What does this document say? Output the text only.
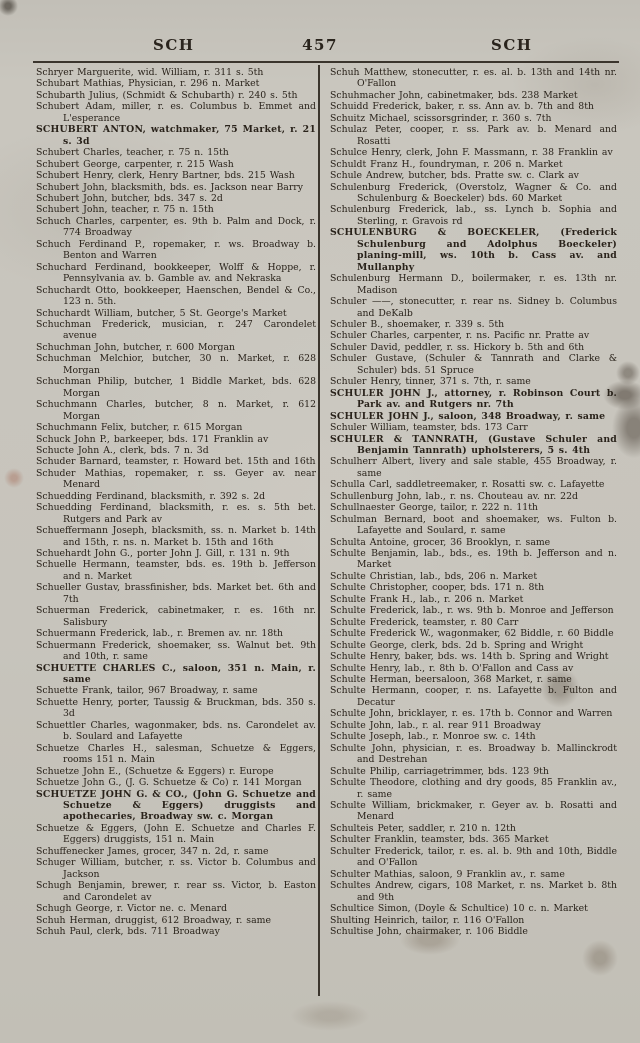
SCH	457	SCH

Schryer Marguerite, wid. William, r. 311 s. 5th

Schubart Mathias, Physician, r. 296 n. Market

Schubarth Julius, (Schmidt & Schubarth) r. 240 s. 5th

Schubert Adam, miller, r. es. Columbus b. Emmet and L'esperance

SCHUBERT ANTON, watchmaker, 75 Market, r. 21 s. 3d

Schubert Charles, teacher, r. 75 n. 15th

Schubert George, carpenter, r. 215 Wash

Schubert Henry, clerk, Henry Bartner, bds. 215 Wash

Schubert John, blacksmith, bds. es. Jackson near Barry

Schubert John, butcher, bds. 347 s. 2d

Schubert John, teacher, r. 75 n. 15th

Schuch Charles, carpenter, es. 9th b. Palm and Dock, r. 774 Broadway

Schuch Ferdinand P., ropemaker, r. ws. Broadway b. Benton and Warren

Schuchard Ferdinand, bookkeeper, Wolff & Hoppe, r. Pennsylvania av. b. Gamble av. and Nekraska

Schuchardt Otto, bookkeeper, Haenschen, Bendel & Co., 123 n. 5th.

Schuchardt William, butcher, 5 St. George's Market

Schuchman Frederick, musician, r. 247 Carondelet avenue

Schuchman John, butcher, r. 600 Morgan

Schuchman Melchior, butcher, 30 n. Market, r. 628 Morgan

Schuchman Philip, butcher, 1 Biddle Market, bds. 628 Morgan

Schuchmann Charles, butcher, 8 n. Market, r. 612 Morgan

Schuchmann Felix, butcher, r. 615 Morgan

Schuck John P., barkeeper, bds. 171 Franklin av

Schucte John A., clerk, bds. 7 n. 3d

Schuder Barnard, teamster, r. Howard bet. 15th and 16th

Schuder Mathias, ropemaker, r. ss. Geyer av. near Menard

Schuedding Ferdinand, blacksmith, r. 392 s. 2d

Schuedding Ferdinand, blacksmith, r. es. s. 5th bet. Rutgers and Park av

Schueffermann Joseph, blacksmith, ss. n. Market b. 14th and 15th, r. ns. n. Market b. 15th and 16th

Schuehardt John G., porter John J. Gill, r. 131 n. 9th

Schuelle Hermann, teamster, bds. es. 19th b. Jefferson and n. Market

Schueller Gustav, brassfinisher, bds. Market bet. 6th and 7th

Schuerman Frederick, cabinetmaker, r. es. 16th nr. Salisbury

Schuermann Frederick, lab., r. Bremen av. nr. 18th

Schuermann Frederick, shoemaker, ss. Walnut bet. 9th and 10th, r. same

SCHUETTE CHARLES C., saloon, 351 n. Main, r. same

Schuette Frank, tailor, 967 Broadway, r. same

Schuette Henry, porter, Taussig & Bruckman, bds. 350 s. 3d

Schuettler Charles, wagonmaker, bds. ns. Carondelet av. b. Soulard and Lafayette

Schuetze Charles H., salesman, Schuetze & Eggers, rooms 151 n. Main

Schuetze John E., (Schuetze & Eggers) r. Europe

Schuetze John G., (J. G. Schuetze & Co) r. 141 Morgan

SCHUETZE JOHN G. & CO., (John G. Schuetze and Schuetze & Eggers) druggists and apothecaries, Broadway sw. c. Morgan

Schuetze & Eggers, (John E. Schuetze and Charles F. Eggers) druggists, 151 n. Main

Schuffenecker James, grocer, 347 n. 2d, r. same

Schuger William, butcher, r. ss. Victor b. Columbus and Jackson

Schugh Benjamin, brewer, r. rear ss. Victor, b. Easton and Carondelet av

Schugh George, r. Victor ne. c. Menard

Schuh Herman, druggist, 612 Broadway, r. same

Schuh Paul, clerk, bds. 711 Broadway

Schuh Matthew, stonecutter, r. es. al. b. 13th and 14th nr. O'Fallon

Schuhmacher John, cabinetmaker, bds. 238 Market

Schuidd Frederick, baker, r. ss. Ann av. b. 7th and 8th

Schuitz Michael, scissorsgrinder, r. 360 s. 7th

Schulaz Peter, cooper, r. ss. Park av. b. Menard and Rosatti

Schulce Henry, clerk, John F. Massmann, r. 38 Franklin av

Schuldt Franz H., foundryman, r. 206 n. Market

Schule Andrew, butcher, bds. Pratte sw. c. Clark av

Schulenburg Frederick, (Overstolz, Wagner & Co. and Schulenburg & Boeckeler) bds. 60 Market

Schulenburg Frederick, lab., ss. Lynch b. Sophia and Sterling, r. Gravois rd

SCHULENBURG & BOECKELER, (Frederick Schulenburg and Adolphus Boeckeler) planing-mill, ws. 10th b. Cass av. and Mullanphy

Schulenburg Hermann D., boilermaker, r. es. 13th nr. Madison

Schuler ——, stonecutter, r. rear ns. Sidney b. Columbus and DeKalb

Schuler B., shoemaker, r. 339 s. 5th

Schuler Charles, carpenter, r. ns. Pacific nr. Pratte av

Schuler David, peddler, r. ss. Hickory b. 5th and 6th

Schuler Gustave, (Schuler & Tannrath and Clarke & Schuler) bds. 51 Spruce

Schuler Henry, tinner, 371 s. 7th, r. same

SCHULER JOHN J., attorney, r. Robinson Court b. Park av. and Rutgers nr. 7th

SCHULER JOHN J., saloon, 348 Broadway, r. same

Schuler William, teamster, bds. 173 Carr

SCHULER & TANNRATH, (Gustave Schuler and Benjamin Tannrath) upholsterers, 5 s. 4th

Schulherr Albert, livery and sale stable, 455 Broadway, r. same

Schulla Carl, saddletreemaker, r. Rosatti sw. c. Lafayette

Schullenburg John, lab., r. ns. Chouteau av. nr. 22d

Schullnaester George, tailor, r. 222 n. 11th

Schulman Bernard, boot and shoemaker, ws. Fulton b. Lafayette and Soulard, r. same

Schulta Antoine, grocer, 36 Brooklyn, r. same

Schulte Benjamin, lab., bds., es. 19th b. Jefferson and n. Market

Schulte Christian, lab., bds, 206 n. Market

Schulte Christopher, cooper, bds. 171 n. 8th

Schulte Frank H., lab., r. 206 n. Market

Schulte Frederick, lab., r. ws. 9th b. Monroe and Jefferson

Schulte Frederick, teamster, r. 80 Carr

Schulte Frederick W., wagonmaker, 62 Biddle, r. 60 Biddle

Schulte George, clerk, bds. 2d b. Spring and Wright

Schulte Henry, baker, bds. ws. 14th b. Spring and Wright

Schulte Henry, lab., r. 8th b. O'Fallon and Cass av

Schulte Herman, beersaloon, 368 Market, r. same

Schulte Hermann, cooper, r. ns. Lafayette b. Fulton and Decatur

Schulte John, bricklayer, r. es. 17th b. Connor and Warren

Schulte John, lab., r. al. rear 911 Broadway

Schulte Joseph, lab., r. Monroe sw. c. 14th

Schulte John, physician, r. es. Broadway b. Mallinckrodt and Destrehan

Schulte Philip, carriagetrimmer, bds. 123 9th

Schulte Theodore, clothing and dry goods, 85 Franklin av., r. same

Schulte William, brickmaker, r. Geyer av. b. Rosatti and Menard

Schulteis Peter, saddler, r. 210 n. 12th

Schulter Franklin, teamster, bds. 365 Market

Schulter Frederick, tailor, r. es. al. b. 9th and 10th, Biddle and O'Fallon

Schulter Mathias, saloon, 9 Franklin av., r. same

Schultes Andrew, cigars, 108 Market, r. ns. Market b. 8th and 9th

Schultice Simon, (Doyle & Schultice) 10 c. n. Market

Shulting Heinrich, tailor, r. 116 O'Fallon

Schultise John, chairmaker, r. 106 Biddle
